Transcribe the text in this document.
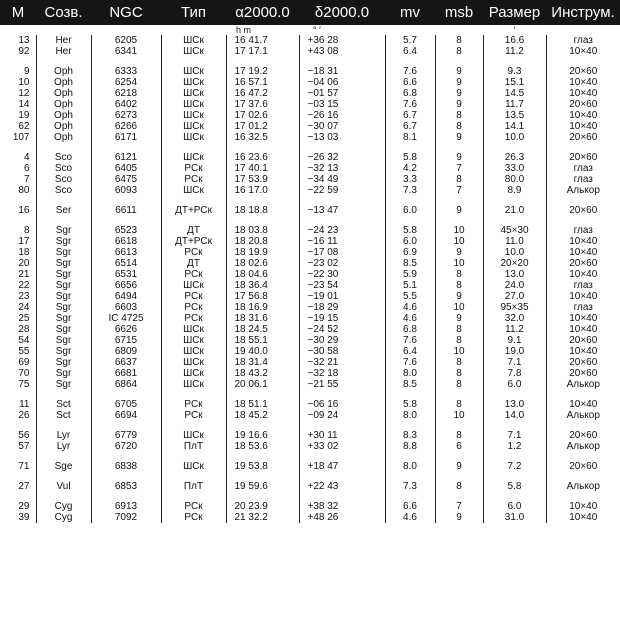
M	Созв.	NGC	Тип	α2000.0	δ2000.0	mv	msb	Размер	Инструм.
				h m	° ′			′	
13	Her	6205	ШСк	16 41.7	+36 28	5.7	8	16.6	глаз
92	Her	6341	ШСк	17 17.1	+43 08	6.4	8	11.2	10×40

9	Oph	6333	ШСк	17 19.2	−18 31	7.6	9	9.3	20×60
10	Oph	6254	ШСк	16 57.1	−04 06	6.6	9	15.1	10×40
12	Oph	6218	ШСк	16 47.2	−01 57	6.8	9	14.5	10×40
14	Oph	6402	ШСк	17 37.6	−03 15	7.6	9	11.7	20×60
19	Oph	6273	ШСк	17 02.6	−26 16	6.7	8	13.5	10×40
62	Oph	6266	ШСк	17 01.2	−30 07	6.7	8	14.1	10×40
107	Oph	6171	ШСк	16 32.5	−13 03	8.1	9	10.0	20×60

4	Sco	6121	ШСк	16 23.6	−26 32	5.8	9	26.3	20×60
6	Sco	6405	РСк	17 40.1	−32 13	4.2	7	33.0	глаз
7	Sco	6475	РСк	17 53.9	−34 49	3.3	8	80.0	глаз
80	Sco	6093	ШСк	16 17.0	−22 59	7.3	7	8.9	Алькор

16	Ser	6611	ДТ+РСк	18 18.8	−13 47	6.0	9	21.0	20×60

8	Sgr	6523	ДТ	18 03.8	−24 23	5.8	10	45×30	глаз
17	Sgr	6618	ДТ+РСк	18 20.8	−16 11	6.0	10	11.0	10×40
18	Sgr	6613	РСк	18 19.9	−17 08	6.9	9	10.0	10×40
20	Sgr	6514	ДТ	18 02.6	−23 02	8.5	10	20×20	20×60
21	Sgr	6531	РСк	18 04.6	−22 30	5.9	8	13.0	10×40
22	Sgr	6656	ШСк	18 36.4	−23 54	5.1	8	24.0	глаз
23	Sgr	6494	РСк	17 56.8	−19 01	5.5	9	27.0	10×40
24	Sgr	6603	РСк	18 16.9	−18 29	4.6	10	95×35	глаз
25	Sgr	IC 4725	РСк	18 31.6	−19 15	4.6	9	32.0	10×40
28	Sgr	6626	ШСк	18 24.5	−24 52	6.8	8	11.2	10×40
54	Sgr	6715	ШСк	18 55.1	−30 29	7.6	8	9.1	20×60
55	Sgr	6809	ШСк	19 40.0	−30 58	6.4	10	19.0	10×40
69	Sgr	6637	ШСк	18 31.4	−32 21	7.6	8	7.1	20×60
70	Sgr	6681	ШСк	18 43.2	−32 18	8.0	8	7.8	20×60
75	Sgr	6864	ШСк	20 06.1	−21 55	8.5	8	6.0	Алькор

11	Sct	6705	РСк	18 51.1	−06 16	5.8	8	13.0	10×40
26	Sct	6694	РСк	18 45.2	−09 24	8.0	10	14.0	Алькор

56	Lyr	6779	ШСк	19 16.6	+30 11	8.3	8	7.1	20×60
57	Lyr	6720	ПлТ	18 53.6	+33 02	8.8	6	1.2	Алькор

71	Sge	6838	ШСк	19 53.8	+18 47	8.0	9	7.2	20×60

27	Vul	6853	ПлТ	19 59.6	+22 43	7.3	8	5.8	Алькор

29	Cyg	6913	РСк	20 23.9	+38 32	6.6	7	6.0	10×40
39	Cyg	7092	РСк	21 32.2	+48 26	4.6	9	31.0	10×40
